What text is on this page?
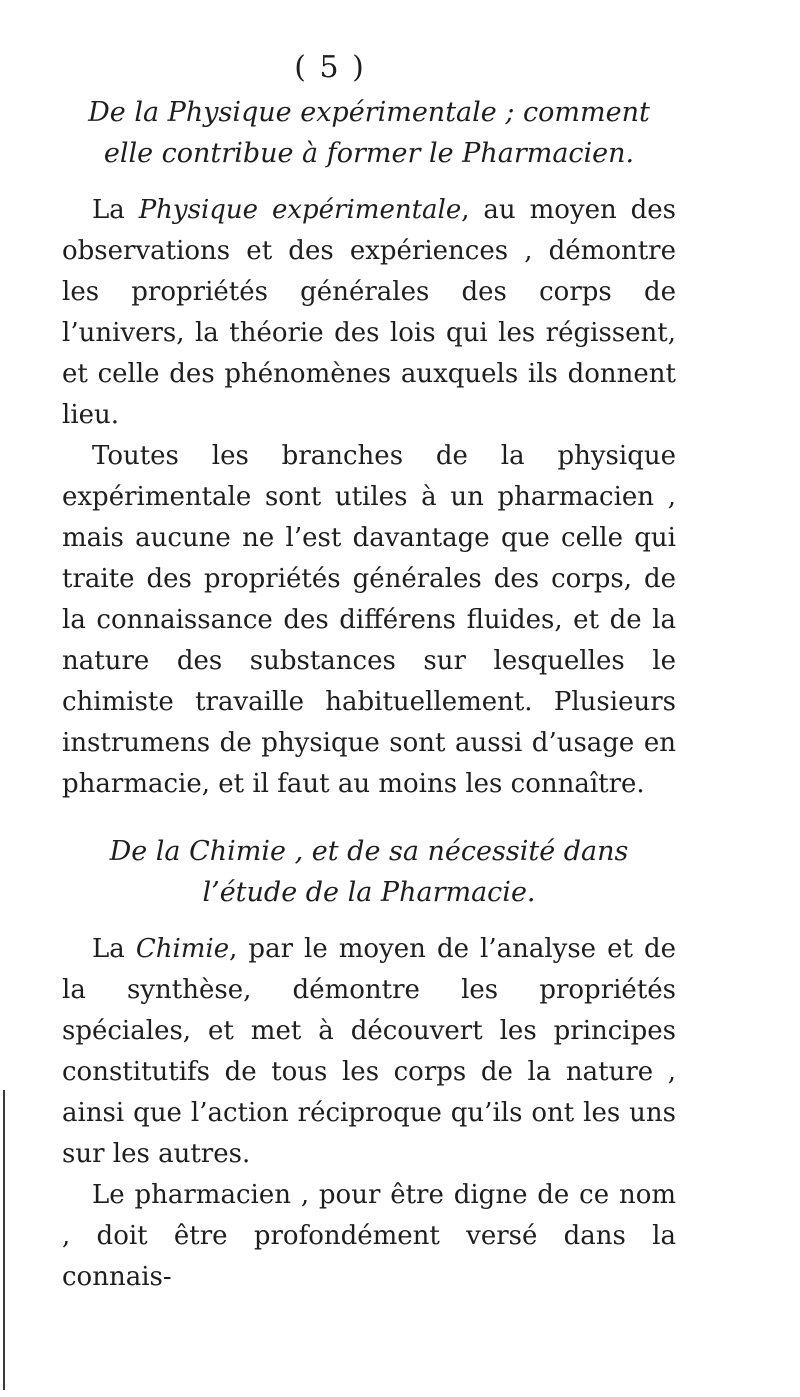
( 5 )

De la Physique expérimentale ; comment elle contribue à former le Pharmacien.

La Physique expérimentale, au moyen des observations et des expériences , démontre les propriétés générales des corps de l’univers, la théorie des lois qui les régissent, et celle des phénomènes auxquels ils donnent lieu.

Toutes les branches de la physique expérimentale sont utiles à un pharmacien , mais aucune ne l’est davantage que celle qui traite des propriétés générales des corps, de la connaissance des différens fluides, et de la nature des substances sur lesquelles le chimiste travaille habituellement. Plusieurs instrumens de physique sont aussi d’usage en pharmacie, et il faut au moins les connaître.

De la Chimie , et de sa nécessité dans l’étude de la Pharmacie.

La Chimie, par le moyen de l’analyse et de la synthèse, démontre les propriétés spéciales, et met à découvert les principes constitutifs de tous les corps de la nature , ainsi que l’action réciproque qu’ils ont les uns sur les autres.

Le pharmacien , pour être digne de ce nom , doit être profondément versé dans la connais-
